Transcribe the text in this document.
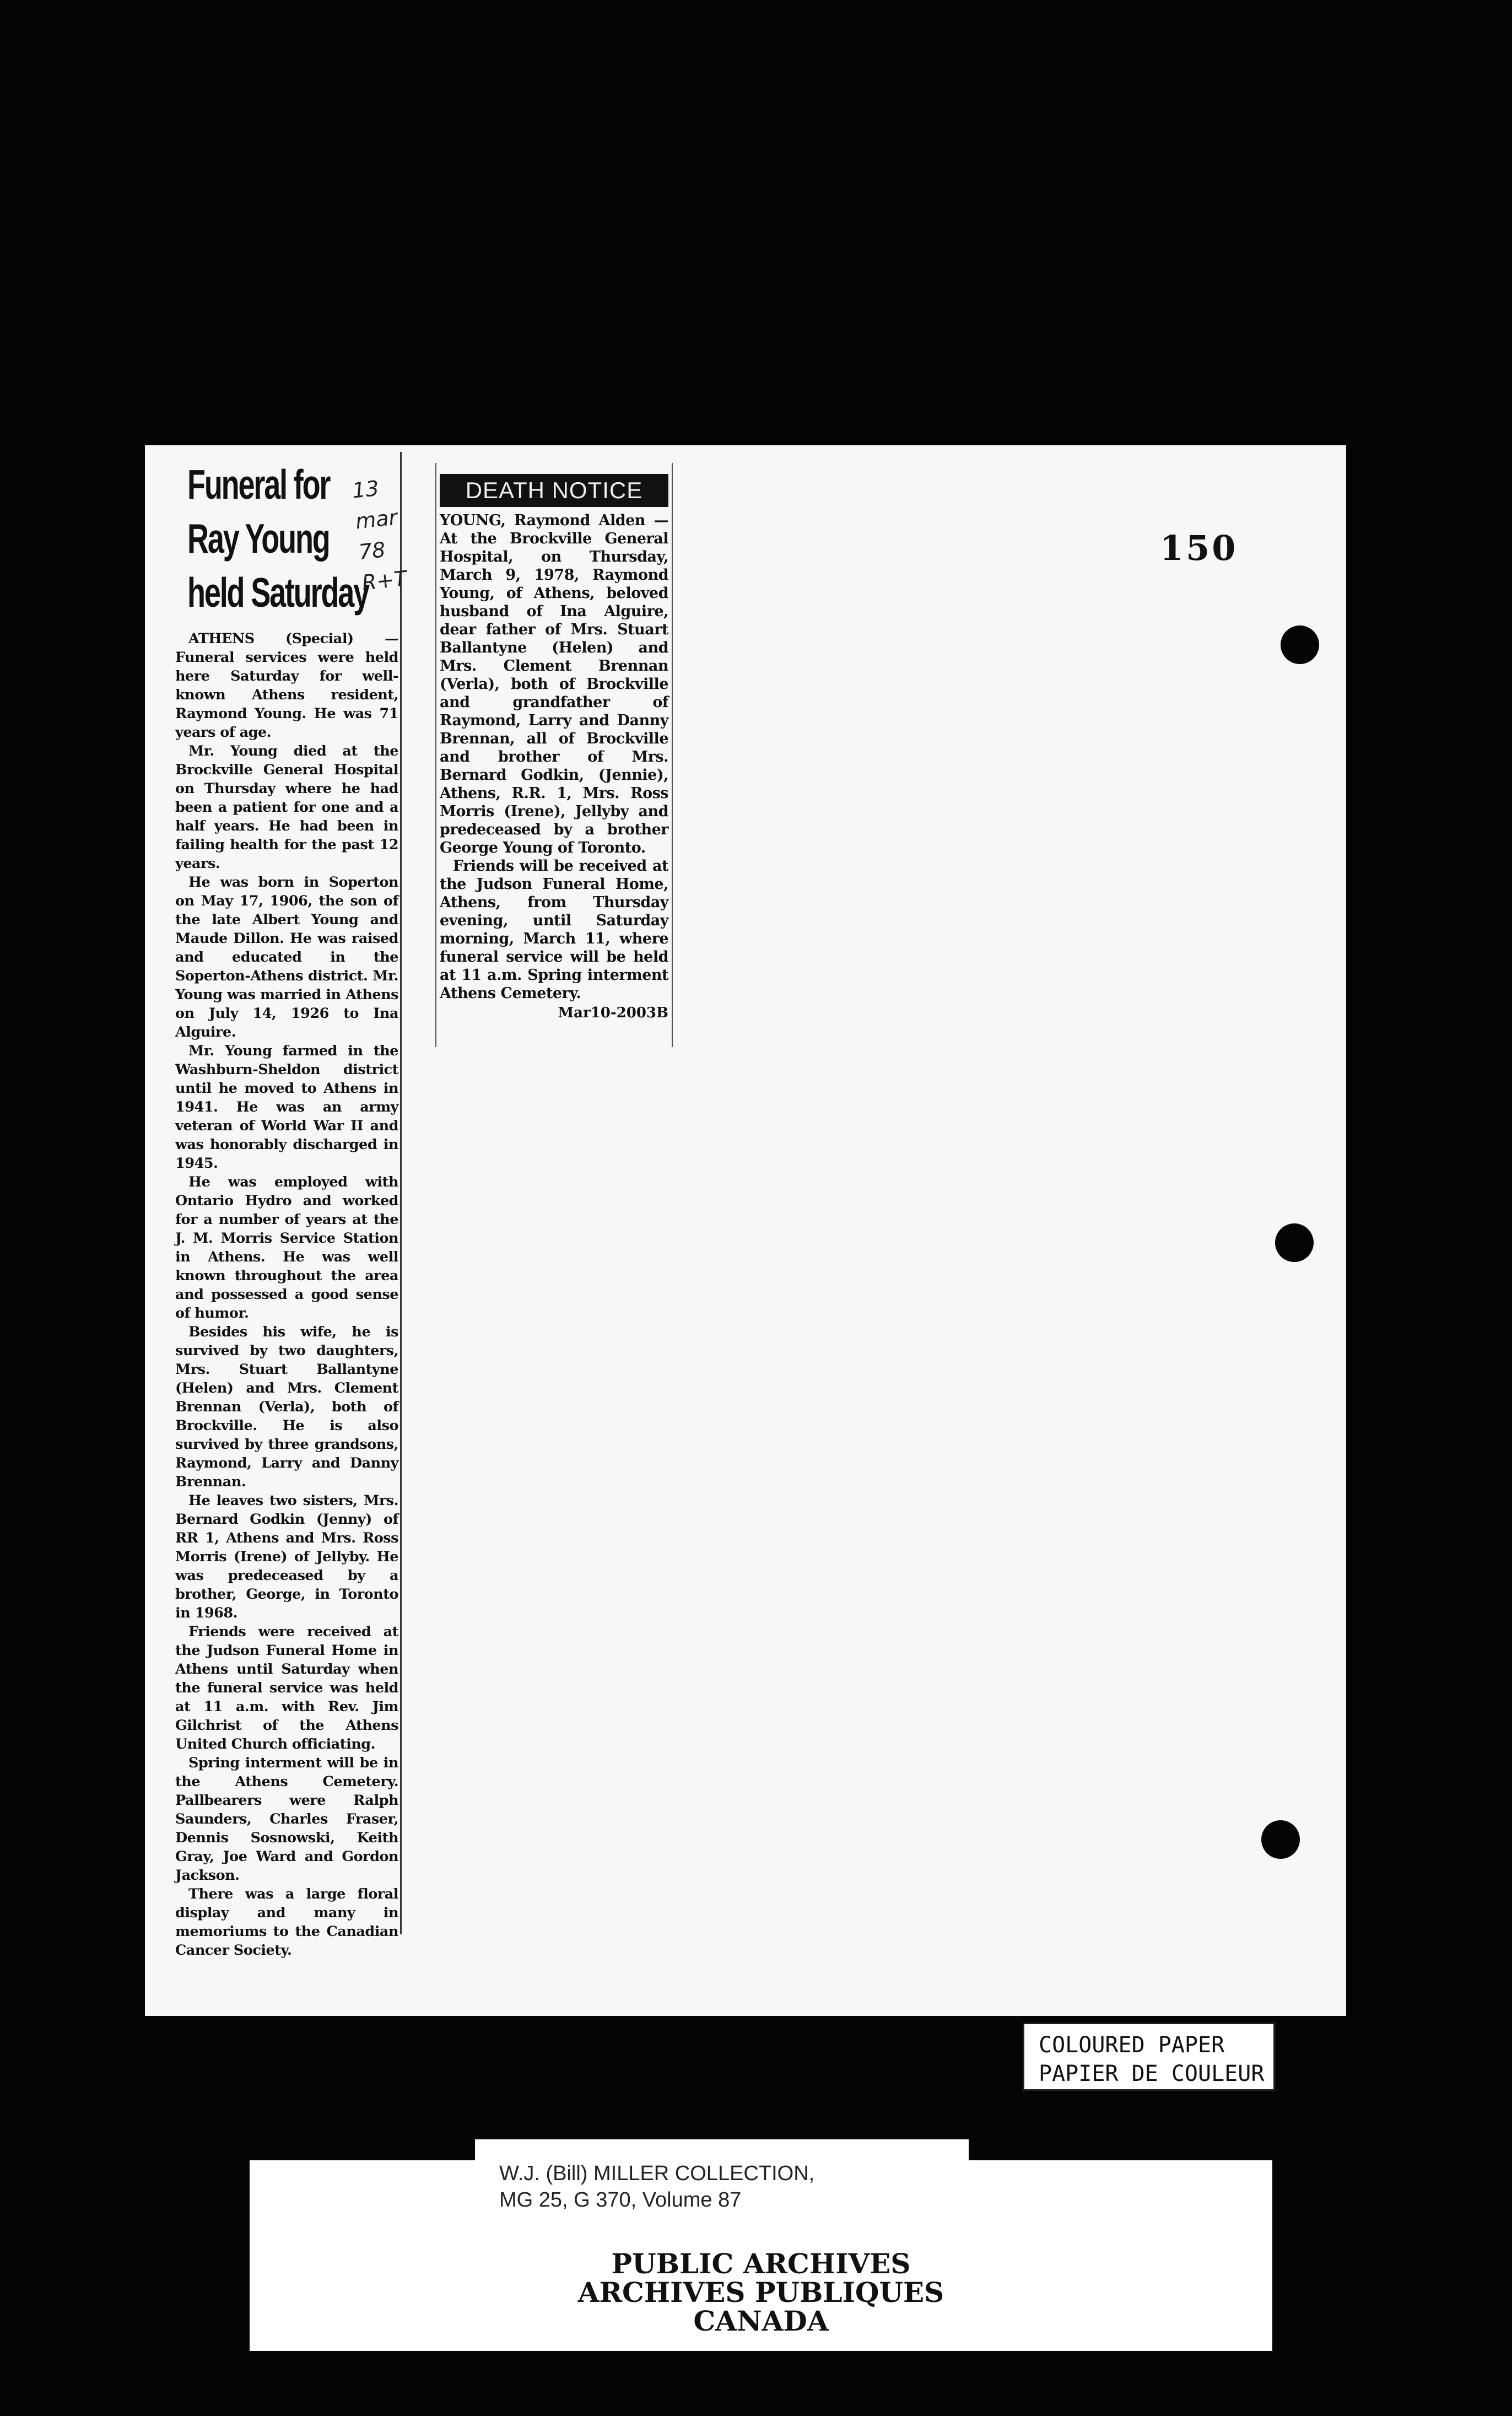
150
Funeral for
Ray Young
held Saturday

ATHENS (Special) — Funeral services were held here Saturday for well-known Athens resident, Raymond Young. He was 71 years of age.

Mr. Young died at the Brockville General Hospital on Thursday where he had been a patient for one and a half years. He had been in failing health for the past 12 years.

He was born in Soperton on May 17, 1906, the son of the late Albert Young and Maude Dillon. He was raised and educated in the Soperton-Athens district. Mr. Young was married in Athens on July 14, 1926 to Ina Alguire.

Mr. Young farmed in the Washburn-Sheldon district until he moved to Athens in 1941. He was an army veteran of World War II and was honorably discharged in 1945.

He was employed with Ontario Hydro and worked for a number of years at the J. M. Morris Service Station in Athens. He was well known throughout the area and possessed a good sense of humor.

Besides his wife, he is survived by two daughters, Mrs. Stuart Ballantyne (Helen) and Mrs. Clement Brennan (Verla), both of Brockville. He is also survived by three grandsons, Raymond, Larry and Danny Brennan.

He leaves two sisters, Mrs. Bernard Godkin (Jenny) of RR 1, Athens and Mrs. Ross Morris (Irene) of Jellyby. He was predeceased by a brother, George, in Toronto in 1968.

Friends were received at the Judson Funeral Home in Athens until Saturday when the funeral service was held at 11 a.m. with Rev. Jim Gilchrist of the Athens United Church officiating.

Spring interment will be in the Athens Cemetery. Pallbearers were Ralph Saunders, Charles Fraser, Dennis Sosnowski, Keith Gray, Joe Ward and Gordon Jackson.

There was a large floral display and many in memoriums to the Canadian Cancer Society.

13
mar
78
R+T
DEATH NOTICE

YOUNG, Raymond Alden — At the Brockville General Hospital, on Thursday, March 9, 1978, Raymond Young, of Athens, beloved husband of Ina Alguire, dear father of Mrs. Stuart Ballantyne (Helen) and Mrs. Clement Brennan (Verla), both of Brockville and grandfather of Raymond, Larry and Danny Brennan, all of Brockville and brother of Mrs. Bernard Godkin, (Jennie), Athens, R.R. 1, Mrs. Ross Morris (Irene), Jellyby and predeceased by a brother George Young of Toronto.

Friends will be received at the Judson Funeral Home, Athens, from Thursday evening, until Saturday morning, March 11, where funeral service will be held at 11 a.m. Spring interment Athens Cemetery.

Mar10-2003B
COLOURED PAPER
PAPIER DE COULEUR
W.J. (Bill) MILLER COLLECTION,
MG 25, G 370, Volume 87
PUBLIC ARCHIVES
ARCHIVES PUBLIQUES
CANADA
